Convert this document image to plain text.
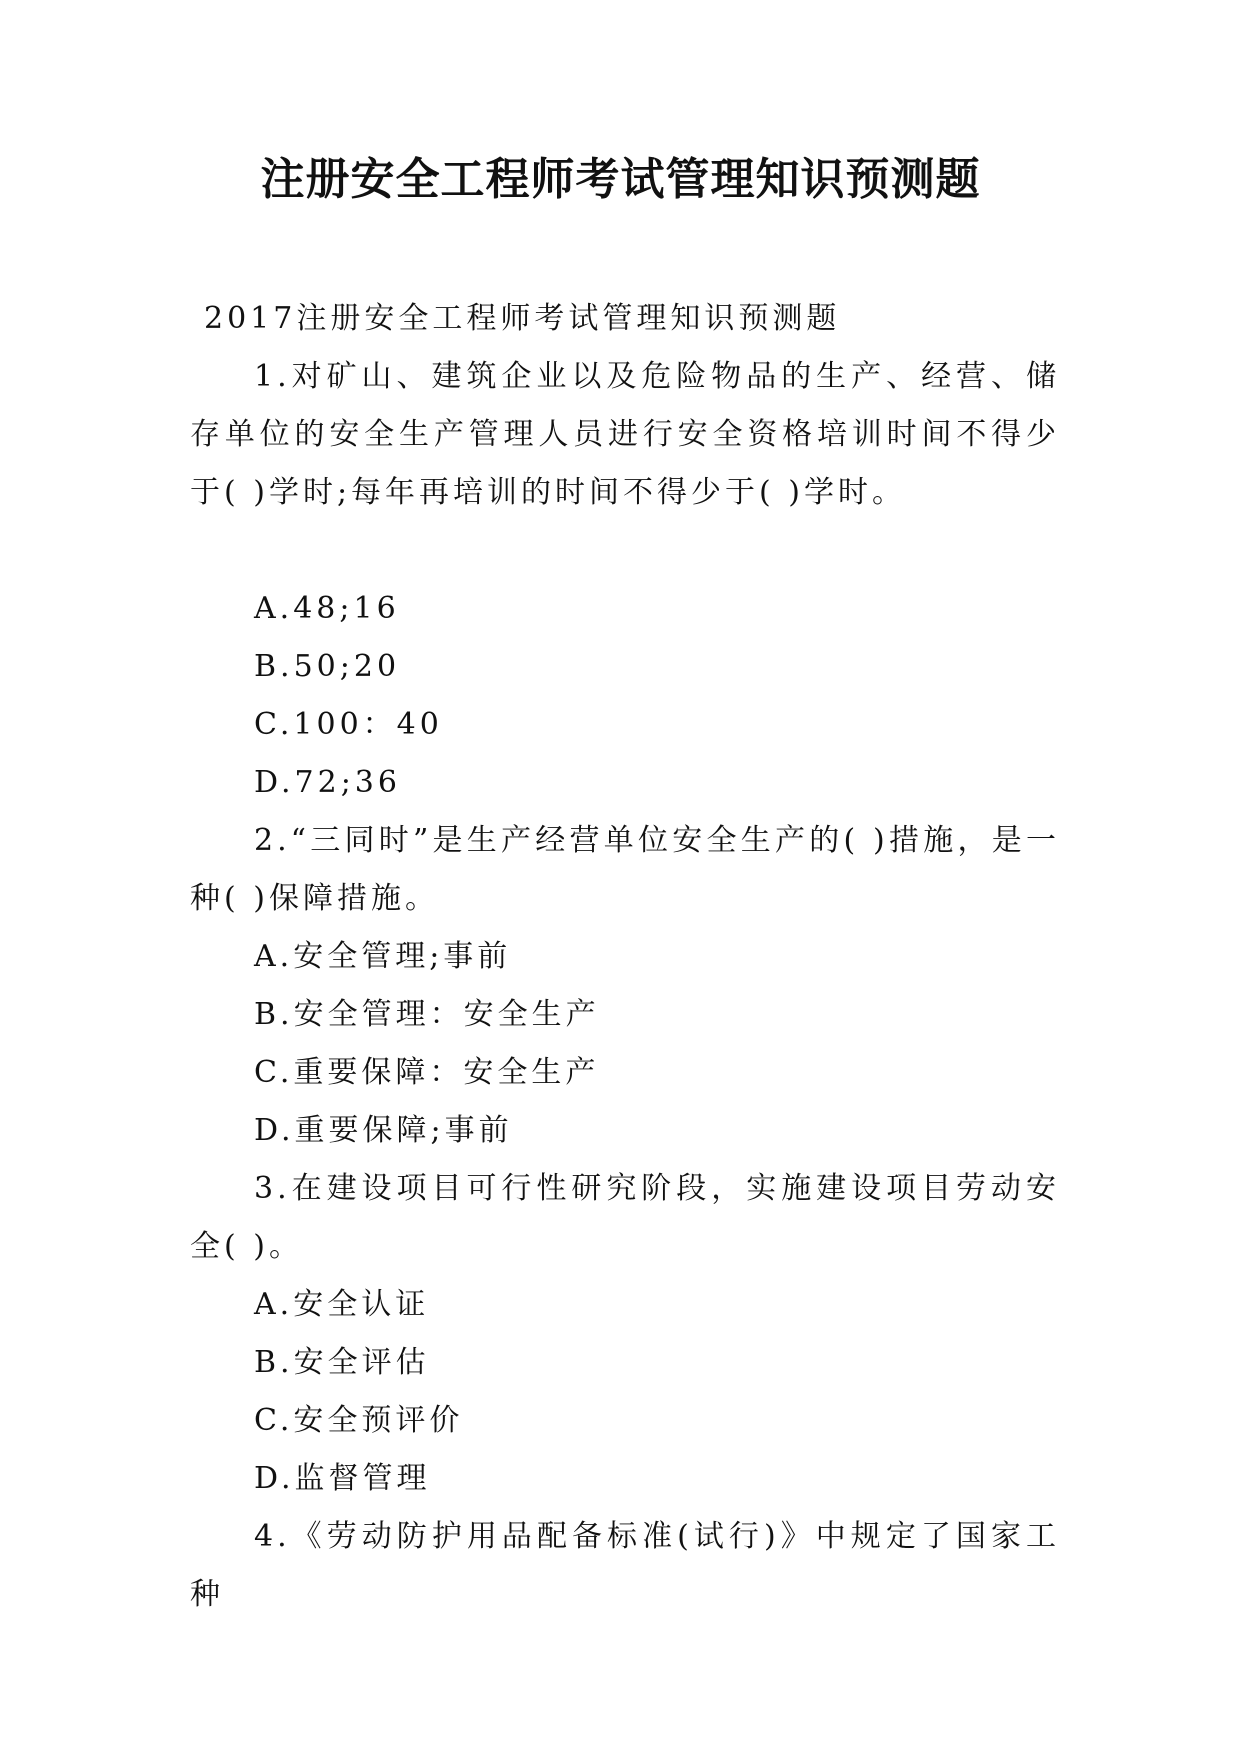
注册安全工程师考试管理知识预测题
2017注册安全工程师考试管理知识预测题
1.对矿山、建筑企业以及危险物品的生产、经营、储存单位的安全生产管理人员进行安全资格培训时间不得少于( )学时;每年再培训的时间不得少于( )学时。
A.48;16
B.50;20
C.100：40
D.72;36
2.“三同时”是生产经营单位安全生产的( )措施，是一种( )保障措施。
A.安全管理;事前
B.安全管理：安全生产
C.重要保障：安全生产
D.重要保障;事前
3.在建设项目可行性研究阶段，实施建设项目劳动安全( )。
A.安全认证
B.安全评估
C.安全预评价
D.监督管理
4.《劳动防护用品配备标准(试行)》中规定了国家工种
